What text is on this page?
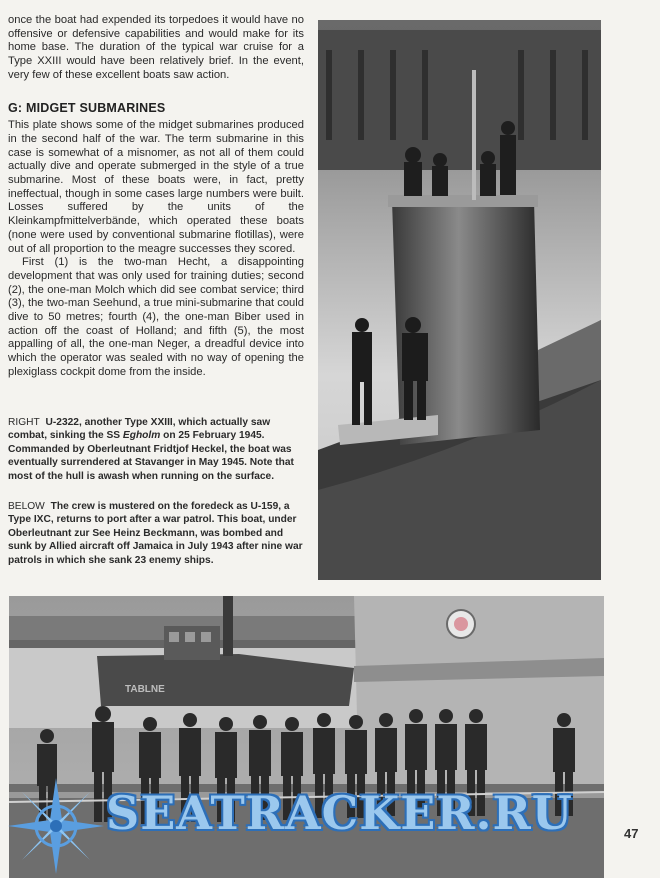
once the boat had expended its torpedoes it would have no offensive or defensive capabilities and would make for its home base. The duration of the typical war cruise for a Type XXIII would have been relatively brief. In the event, very few of these excellent boats saw action.

G: MIDGET SUBMARINES

This plate shows some of the midget submarines produced in the second half of the war. The term submarine in this case is somewhat of a misnomer, as not all of them could actually dive and operate submerged in the style of a true submarine. Most of these boats were, in fact, pretty ineffectual, though in some cases large numbers were built. Losses suffered by the units of the Kleinkampfmittelverbände, which operated these boats (none were used by conventional submarine flotillas), were out of all proportion to the meagre successes they scored.

First (1) is the two-man Hecht, a disappointing development that was only used for training duties; second (2), the one-man Molch which did see combat service; third (3), the two-man Seehund, a true mini-submarine that could dive to 50 metres; fourth (4), the one-man Biber used in action off the coast of Holland; and fifth (5), the most appalling of all, the one-man Neger, a dreadful device into which the operator was sealed with no way of opening the plexiglass cockpit dome from the inside.

RIGHT U-2322, another Type XXIII, which actually saw combat, sinking the SS Egholm on 25 February 1945. Commanded by Oberleutnant Fridtjof Heckel, the boat was eventually surrendered at Stavanger in May 1945. Note that most of the hull is awash when running on the surface.
BELOW The crew is mustered on the foredeck as U-159, a Type IXC, returns to port after a war patrol. This boat, under Oberleutnant zur See Heinz Beckmann, was bombed and sunk by Allied aircraft off Jamaica in July 1943 after nine war patrols in which she sank 23 enemy ships.
TABLNE
SEATRACKER.RU	47
